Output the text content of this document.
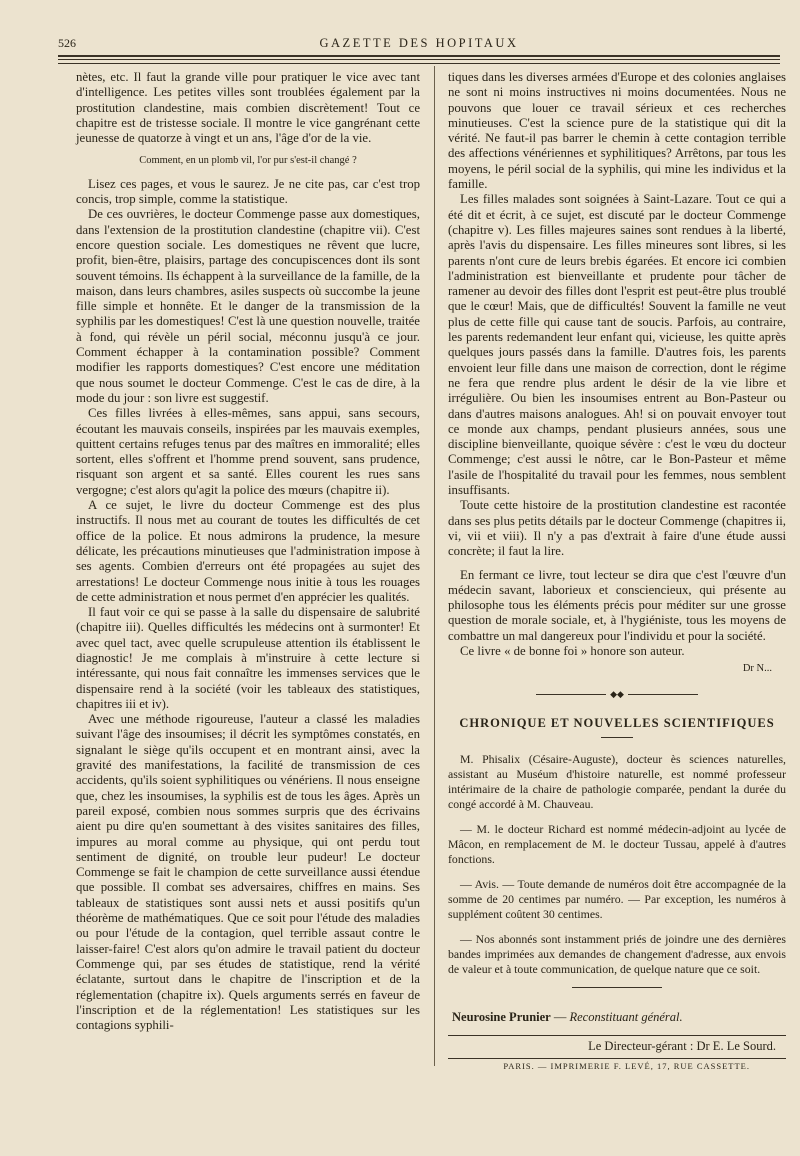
526	GAZETTE DES HOPITAUX

nètes, etc. Il faut la grande ville pour pratiquer le vice avec tant d'intelligence. Les petites villes sont troublées également par la prostitution clandestine, mais combien discrètement! Tout ce chapitre est de tristesse sociale. Il montre le vice gangrénant cette jeunesse de quatorze à vingt et un ans, l'âge d'or de la vie.

Comment, en un plomb vil, l'or pur s'est-il changé ?

Lisez ces pages, et vous le saurez. Je ne cite pas, car c'est trop concis, trop simple, comme la statistique.

De ces ouvrières, le docteur Commenge passe aux domestiques, dans l'extension de la prostitution clandestine (chapitre vii). C'est encore question sociale. Les domestiques ne rêvent que lucre, profit, bien-être, plaisirs, partage des concupiscences dont ils sont souvent témoins. Ils échappent à la surveillance de la famille, de la maison, dans leurs chambres, asiles suspects où succombe la jeune fille simple et honnête. Et le danger de la transmission de la syphilis par les domestiques! C'est là une question nouvelle, traitée à fond, qui révèle un péril social, méconnu jusqu'à ce jour. Comment échapper à la contamination possible? Comment modifier les rapports domestiques? C'est encore une méditation que nous soumet le docteur Commenge. C'est le cas de dire, à la mode du jour : son livre est suggestif.

Ces filles livrées à elles-mêmes, sans appui, sans secours, écoutant les mauvais conseils, inspirées par les mauvais exemples, quittent certains refuges tenus par des maîtres en immoralité; elles sortent, elles s'offrent et l'homme prend souvent, sans prudence, risquant son argent et sa santé. Elles courent les rues sans vergogne; c'est alors qu'agit la police des mœurs (chapitre ii).

A ce sujet, le livre du docteur Commenge est des plus instructifs. Il nous met au courant de toutes les difficultés de cet office de la police. Et nous admirons la prudence, la mesure délicate, les précautions minutieuses que l'administration impose à ses agents. Combien d'erreurs ont été propagées au sujet des arrestations! Le docteur Commenge nous initie à tous les rouages de cette administration et nous permet d'en apprécier les qualités.

Il faut voir ce qui se passe à la salle du dispensaire de salubrité (chapitre iii). Quelles difficultés les médecins ont à surmonter! Et avec quel tact, avec quelle scrupuleuse attention ils établissent le diagnostic! Je me complais à m'instruire à cette lecture si intéressante, qui nous fait connaître les immenses services que le dispensaire rend à la société (voir les tableaux des statistiques, chapitres iii et iv).

Avec une méthode rigoureuse, l'auteur a classé les maladies suivant l'âge des insoumises; il décrit les symptômes constatés, en signalant le siège qu'ils occupent et en montrant ainsi, avec la gravité des manifestations, la facilité de transmission de ces accidents, qu'ils soient syphilitiques ou vénériens. Il nous enseigne que, chez les insoumises, la syphilis est de tous les âges. Après un pareil exposé, combien nous sommes surpris que des écrivains aient pu dire qu'en soumettant à des visites sanitaires des filles, impures au moral comme au physique, qui ont perdu tout sentiment de dignité, on trouble leur pudeur! Le docteur Commenge se fait le champion de cette surveillance aussi étendue que possible. Il combat ses adversaires, chiffres en mains. Ses tableaux de statistiques sont aussi nets et aussi positifs qu'un théorème de mathématiques. Que ce soit pour l'étude des maladies ou pour l'étude de la contagion, quel terrible assaut contre le laisser-faire! C'est alors qu'on admire le travail patient du docteur Commenge qui, par ses études de statistique, rend la vérité éclatante, surtout dans le chapitre de l'inscription et de la réglementation (chapitre ix). Quels arguments serrés en faveur de l'inscription et de la réglementation! Les statistiques sur les contagions syphili-

tiques dans les diverses armées d'Europe et des colonies anglaises ne sont ni moins instructives ni moins documentées. Nous ne pouvons que louer ce travail sérieux et ces recherches minutieuses. C'est la science pure de la statistique qui dit la vérité. Ne faut-il pas barrer le chemin à cette contagion terrible des affections vénériennes et syphilitiques? Arrêtons, par tous les moyens, le péril social de la syphilis, qui mine les individus et la famille.

Les filles malades sont soignées à Saint-Lazare. Tout ce qui a été dit et écrit, à ce sujet, est discuté par le docteur Commenge (chapitre v). Les filles majeures saines sont rendues à la liberté, après l'avis du dispensaire. Les filles mineures sont libres, si les parents n'ont cure de leurs brebis égarées. Et encore ici combien l'administration est bienveillante et prudente pour tâcher de ramener au devoir des filles dont l'esprit est peut-être plus troublé que le cœur! Mais, que de difficultés! Souvent la famille ne veut plus de cette fille qui cause tant de soucis. Parfois, au contraire, les parents redemandent leur enfant qui, vicieuse, les quitte après quelques jours passés dans la famille. D'autres fois, les parents envoient leur fille dans une maison de correction, dont le régime ne fera que rendre plus ardent le désir de la vie libre et irrégulière. Ou bien les insoumises entrent au Bon-Pasteur ou dans d'autres maisons analogues. Ah! si on pouvait envoyer tout ce monde aux champs, pendant plusieurs années, sous une discipline bienveillante, quoique sévère : c'est le vœu du docteur Commenge; c'est aussi le nôtre, car le Bon-Pasteur et même l'asile de l'hospitalité du travail pour les femmes, nous semblent insuffisants.

Toute cette histoire de la prostitution clandestine est racontée dans ses plus petits détails par le docteur Commenge (chapitres ii, vi, vii et viii). Il n'y a pas d'extrait à faire d'une étude aussi concrète; il faut la lire.

En fermant ce livre, tout lecteur se dira que c'est l'œuvre d'un médecin savant, laborieux et consciencieux, qui présente au philosophe tous les éléments précis pour méditer sur une grosse question de morale sociale, et, à l'hygiéniste, tous les moyens de combattre un mal dangereux pour l'individu et pour la société.

Ce livre « de bonne foi » honore son auteur.

Dr N...

◆◆

CHRONIQUE ET NOUVELLES SCIENTIFIQUES

M. Phisalix (Césaire-Auguste), docteur ès sciences naturelles, assistant au Muséum d'histoire naturelle, est nommé professeur intérimaire de la chaire de pathologie comparée, pendant la durée du congé accordé à M. Chauveau.

— M. le docteur Richard est nommé médecin-adjoint au lycée de Mâcon, en remplacement de M. le docteur Tussau, appelé à d'autres fonctions.

— Avis. — Toute demande de numéros doit être accompagnée de la somme de 20 centimes par numéro. — Par exception, les numéros à supplément coûtent 30 centimes.

— Nos abonnés sont instamment priés de joindre une des dernières bandes imprimées aux demandes de changement d'adresse, aux envois de valeur et à toute communication, de quelque nature que ce soit.

Neurosine Prunier — Reconstituant général.

Le Directeur-gérant : Dr E. Le Sourd.

PARIS. — IMPRIMERIE F. LEVÉ, 17, RUE CASSETTE.
